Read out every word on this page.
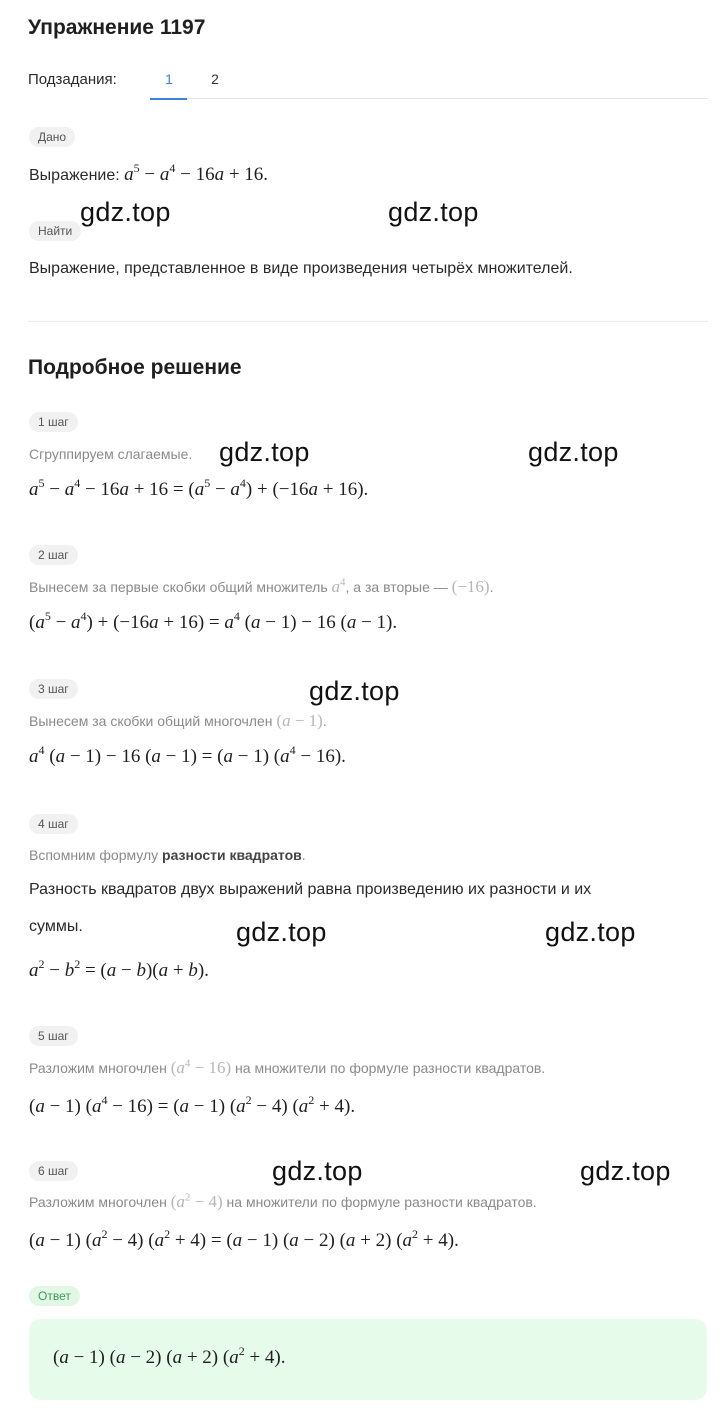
Упражнение 1197
Подзадания:	1	2
Дано
Выражение: $a^5 - a^4 - 16a + 16$.
Найти
Выражение, представленное в виде произведения четырёх множителей.
Подробное решение
1 шаг
Сгруппируем слагаемые.
$a^5 - a^4 - 16a + 16 = (a^5 - a^4) + (-16a + 16)$.
2 шаг
Вынесем за первые скобки общий множитель $a^4$, а за вторые — (−16).
$(a^5 - a^4) + (-16a + 16) = a^4$ (a − 1) − 16 (a − 1).
3 шаг
Вынесем за скобки общий многочлен (a − 1).
$a^4$ (a − 1) − 16 (a − 1) = (a − 1) $(a^4 - 16)$.
4 шаг
Вспомним формулу разности квадратов.
Разность квадратов двух выражений равна произведению их разности и их
суммы.
$a^2 - b^2 = (a - b)(a + b)$.
5 шаг
Разложим многочлен $(a^4 - 16)$ на множители по формуле разности квадратов.
(a − 1) $(a^4 - 16) = (a - 1) (a^2 - 4) (a^2 + 4)$.
6 шаг
Разложим многочлен $(a^2 - 4)$ на множители по формуле разности квадратов.
(a − 1) $(a^2 - 4) (a^2 + 4) = (a - 1) (a - 2) (a + 2) (a^2 + 4)$.
Ответ
(a − 1) (a − 2) (a + 2) $(a^2 + 4)$.
gdz.top	gdz.top
gdz.top	gdz.top
gdz.top
gdz.top	gdz.top
gdz.top	gdz.top
